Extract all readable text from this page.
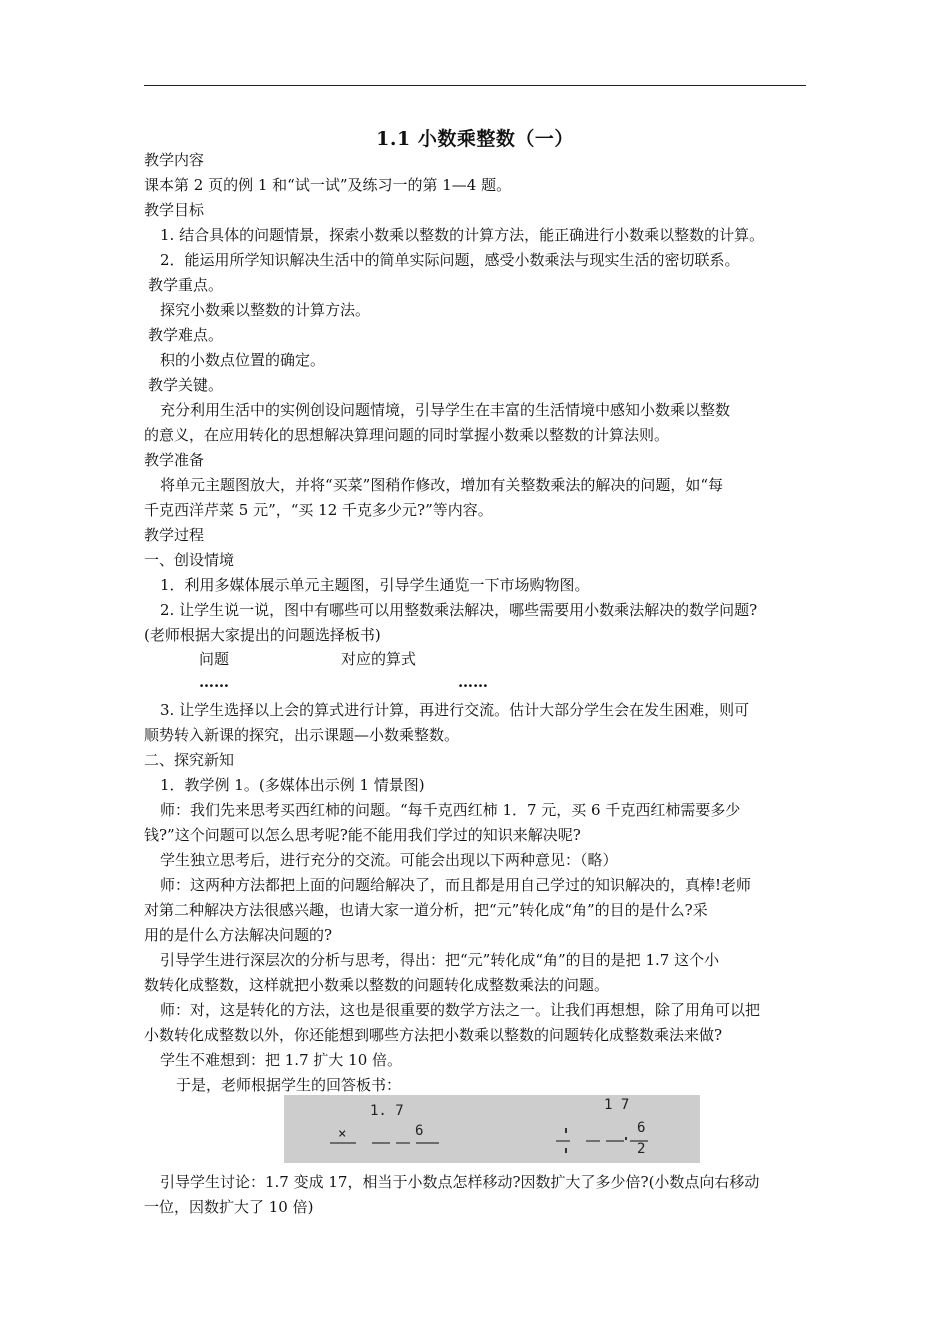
1.1 小数乘整数（一）
教学内容
课本第 2 页的例 1 和“试一试”及练习一的第 1—4 题。
教学目标
1. 结合具体的问题情景，探索小数乘以整数的计算方法，能正确进行小数乘以整数的计算。
2．能运用所学知识解决生活中的简单实际问题，感受小数乘法与现实生活的密切联系。
教学重点。
探究小数乘以整数的计算方法。
教学难点。
积的小数点位置的确定。
教学关键。
充分利用生活中的实例创设问题情境，引导学生在丰富的生活情境中感知小数乘以整数
的意义，在应用转化的思想解决算理问题的同时掌握小数乘以整数的计算法则。
教学准备
将单元主题图放大，并将“买菜”图稍作修改，增加有关整数乘法的解决的问题，如“每
千克西洋芹菜 5 元”，“买 12 千克多少元?”等内容。
教学过程
一、创设情境
1．利用多媒体展示单元主题图，引导学生通览一下市场购物图。
2. 让学生说一说，图中有哪些可以用整数乘法解决，哪些需要用小数乘法解决的数学问题?
(老师根据大家提出的问题选择板书)
问题	对应的算式
……	……
3. 让学生选择以上会的算式进行计算，再进行交流。估计大部分学生会在发生困难，则可
顺势转入新课的探究，出示课题—小数乘整数。
二、探究新知
1．教学例 1。(多媒体出示例 1 情景图)
师：我们先来思考买西红柿的问题。“每千克西红柿 1．7 元，买 6 千克西红柿需要多少
钱?”这个问题可以怎么思考呢?能不能用我们学过的知识来解决呢?
学生独立思考后，进行充分的交流。可能会出现以下两种意见：（略）
师：这两种方法都把上面的问题给解决了，而且都是用自己学过的知识解决的，真棒!老师
对第二种解决方法很感兴趣，也请大家一道分析，把“元”转化成“角”的目的是什么?采
用的是什么方法解决问题的?
引导学生进行深层次的分析与思考，得出：把“元”转化成“角”的目的是把 1.7 这个小
数转化成整数，这样就把小数乘以整数的问题转化成整数乘法的问题。
师：对，这是转化的方法，这也是很重要的数学方法之一。让我们再想想，除了用角可以把
小数转化成整数以外，你还能想到哪些方法把小数乘以整数的问题转化成整数乘法来做?
学生不难想到：把 1.7 扩大 10 倍。
于是，老师根据学生的回答板书：
1. 7
×	6
1 7
6
2
引导学生讨论：1.7 变成 17，相当于小数点怎样移动?因数扩大了多少倍?(小数点向右移动
一位，因数扩大了 10 倍)
